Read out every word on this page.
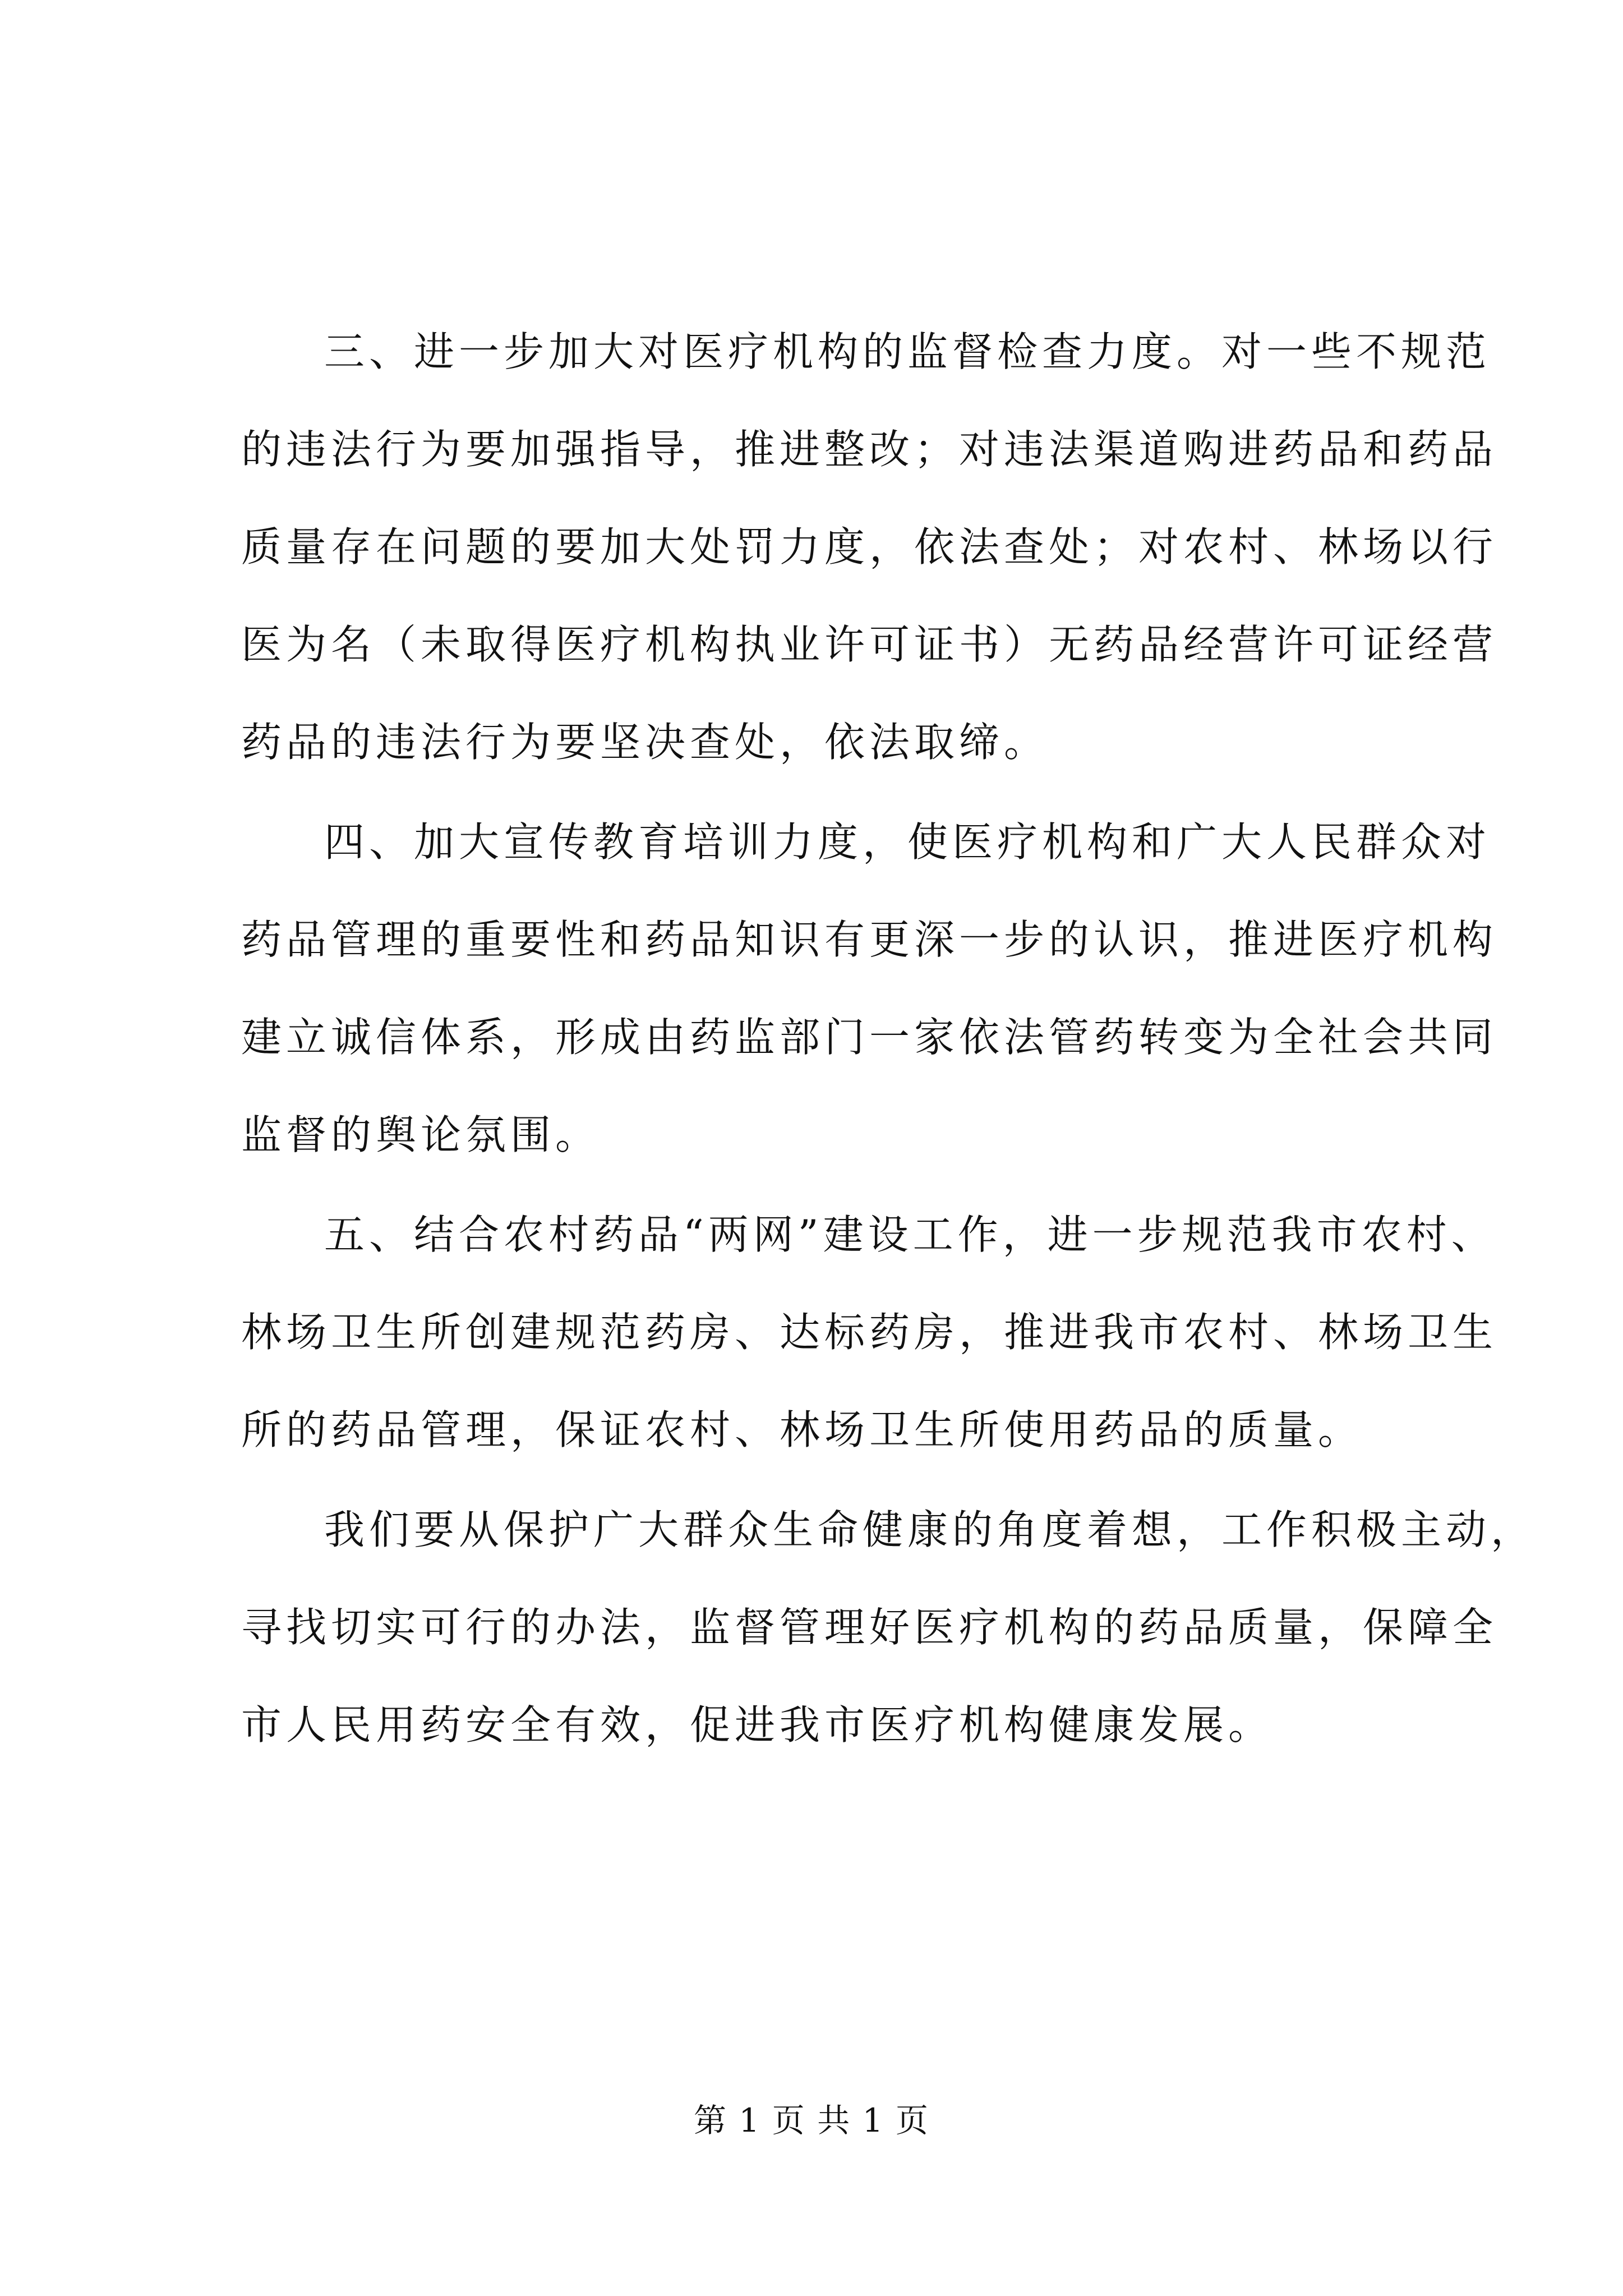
三、进一步加大对医疗机构的监督检查力度。对一些不规范
的违法行为要加强指导，推进整改；对违法渠道购进药品和药品
质量存在问题的要加大处罚力度，依法查处；对农村、林场以行
医为名（未取得医疗机构执业许可证书）无药品经营许可证经营
药品的违法行为要坚决查处，依法取缔。

四、加大宣传教育培训力度，使医疗机构和广大人民群众对
药品管理的重要性和药品知识有更深一步的认识，推进医疗机构
建立诚信体系，形成由药监部门一家依法管药转变为全社会共同
监督的舆论氛围。

五、结合农村药品“两网”建设工作，进一步规范我市农村、
林场卫生所创建规范药房、达标药房，推进我市农村、林场卫生
所的药品管理，保证农村、林场卫生所使用药品的质量。

我们要从保护广大群众生命健康的角度着想，工作积极主动，
寻找切实可行的办法，监督管理好医疗机构的药品质量，保障全
市人民用药安全有效，促进我市医疗机构健康发展。

第 1 页 共 1 页
